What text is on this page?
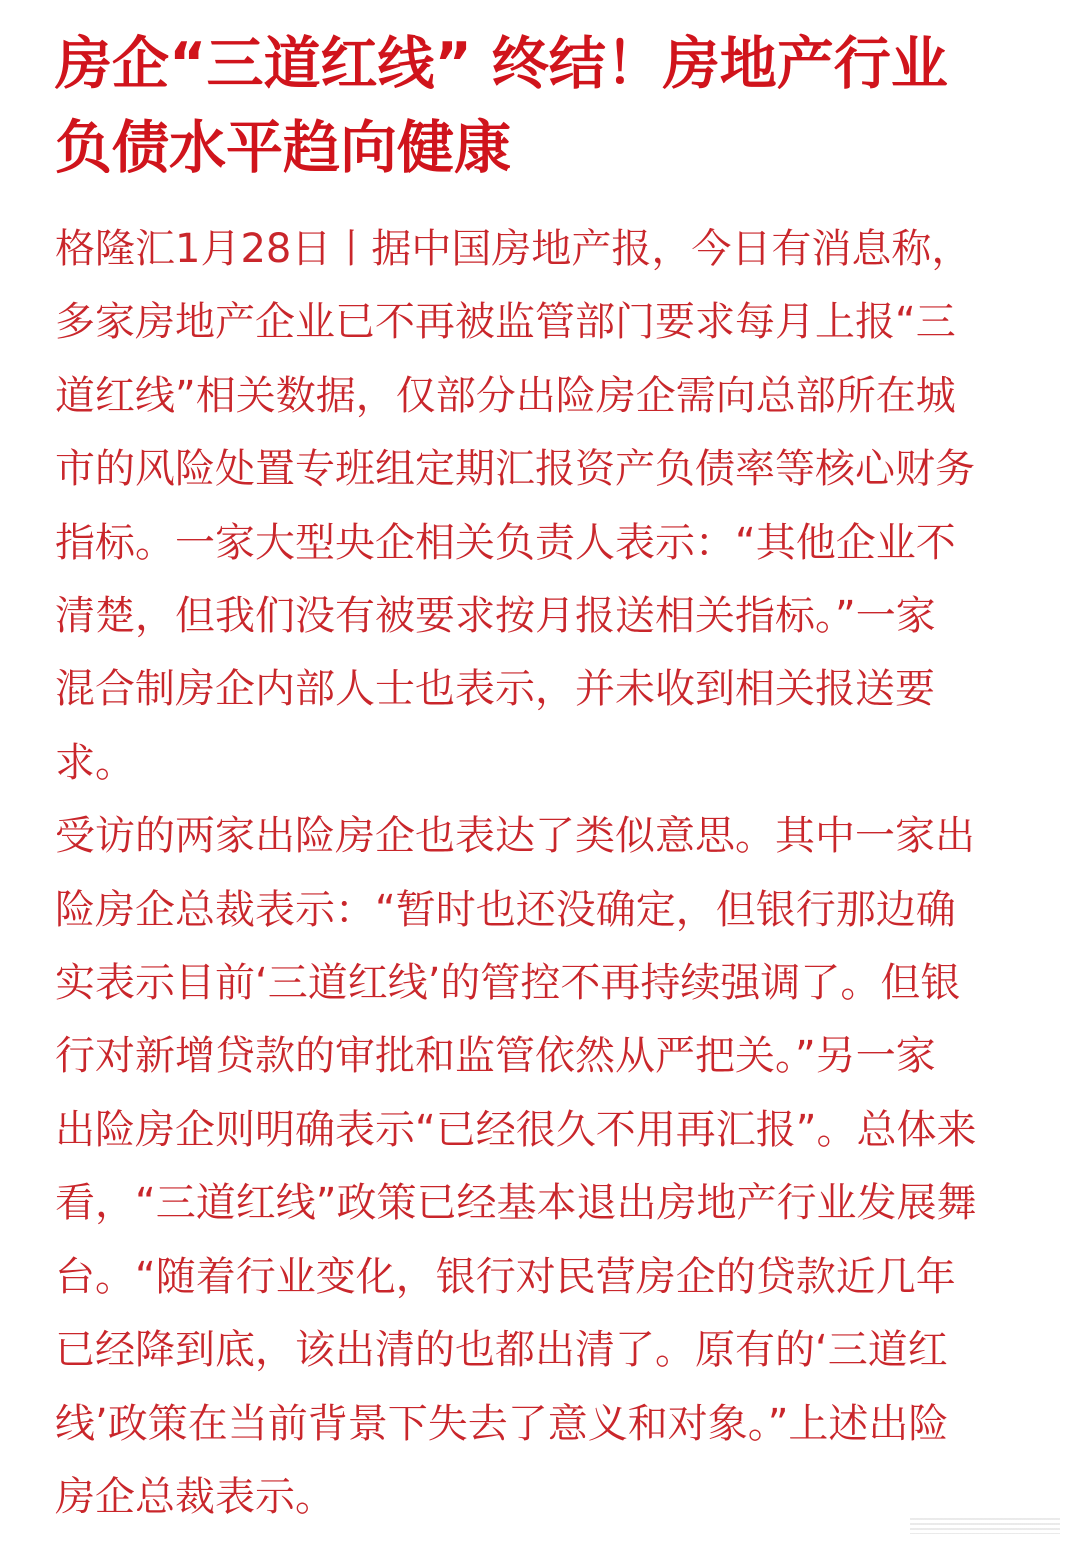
房企“三道红线” 终结！房地产行业
负债水平趋向健康
格隆汇1月28日丨据中国房地产报，今日有消息称，
多家房地产企业已不再被监管部门要求每月上报“三
道红线”相关数据，仅部分出险房企需向总部所在城
市的风险处置专班组定期汇报资产负债率等核心财务
指标。一家大型央企相关负责人表示：“其他企业不
清楚，但我们没有被要求按月报送相关指标。”一家
混合制房企内部人士也表示，并未收到相关报送要
求。
受访的两家出险房企也表达了类似意思。其中一家出
险房企总裁表示：“暂时也还没确定，但银行那边确
实表示目前‘三道红线’的管控不再持续强调了。但银
行对新增贷款的审批和监管依然从严把关。”另一家
出险房企则明确表示“已经很久不用再汇报”。总体来
看，“三道红线”政策已经基本退出房地产行业发展舞
台。“随着行业变化，银行对民营房企的贷款近几年
已经降到底，该出清的也都出清了。原有的‘三道红
线’政策在当前背景下失去了意义和对象。”上述出险
房企总裁表示。
